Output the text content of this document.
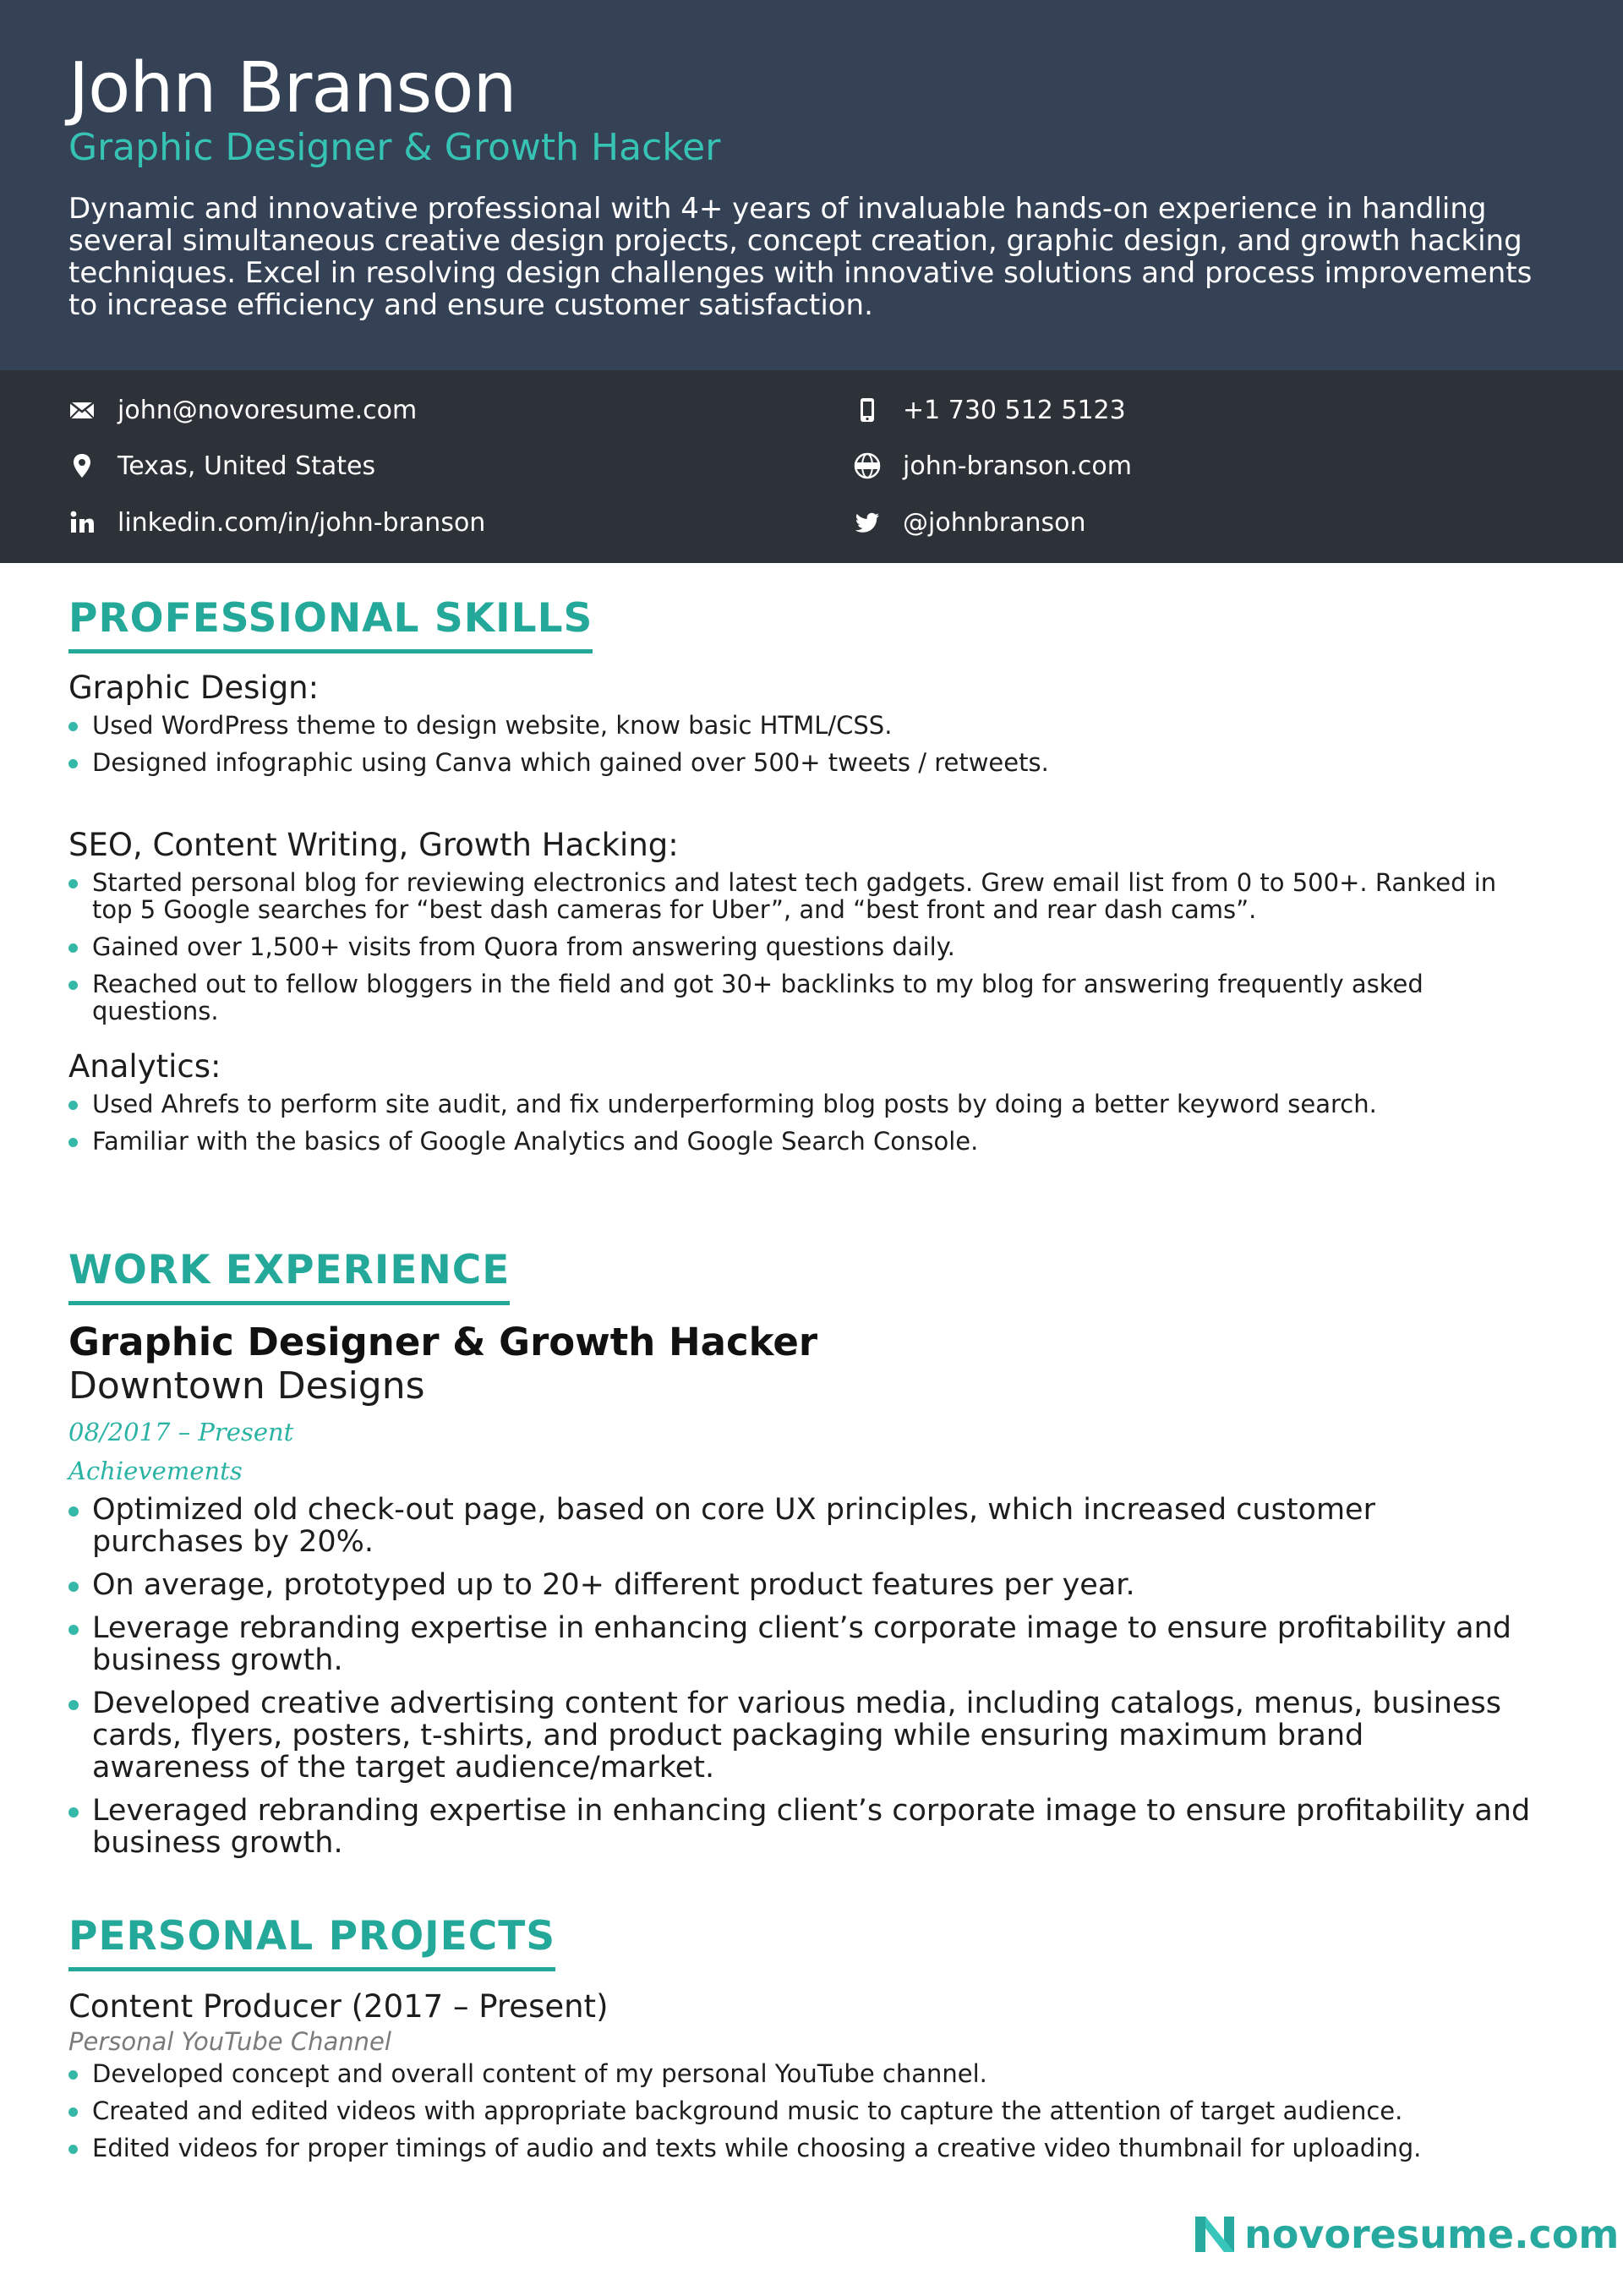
John Branson
Graphic Designer & Growth Hacker
Dynamic and innovative professional with 4+ years of invaluable hands-on experience in handling several simultaneous creative design projects, concept creation, graphic design, and growth hacking techniques. Excel in resolving design challenges with innovative solutions and process improvements to increase efficiency and ensure customer satisfaction.
john@novoresume.com
Texas, United States
linkedin.com/in/john-branson
+1 730 512 5123
john-branson.com
@johnbranson
PROFESSIONAL SKILLS
Graphic Design:
Used WordPress theme to design website, know basic HTML/CSS.
Designed infographic using Canva which gained over 500+ tweets / retweets.
SEO, Content Writing, Growth Hacking:
Started personal blog for reviewing electronics and latest tech gadgets. Grew email list from 0 to 500+. Ranked in top 5 Google searches for “best dash cameras for Uber”, and “best front and rear dash cams”.
Gained over 1,500+ visits from Quora from answering questions daily.
Reached out to fellow bloggers in the field and got 30+ backlinks to my blog for answering frequently asked questions.
Analytics:
Used Ahrefs to perform site audit, and fix underperforming blog posts by doing a better keyword search.
Familiar with the basics of Google Analytics and Google Search Console.
WORK EXPERIENCE
Graphic Designer & Growth Hacker
Downtown Designs
08/2017 – Present
Achievements
Optimized old check-out page, based on core UX principles, which increased customer purchases by 20%.
On average, prototyped up to 20+ different product features per year.
Leverage rebranding expertise in enhancing client’s corporate image to ensure profitability and business growth.
Developed creative advertising content for various media, including catalogs, menus, business cards, flyers, posters, t-shirts, and product packaging while ensuring maximum brand awareness of the target audience/market.
Leveraged rebranding expertise in enhancing client’s corporate image to ensure profitability and business growth.
PERSONAL PROJECTS
Content Producer (2017 – Present)
Personal YouTube Channel
Developed concept and overall content of my personal YouTube channel.
Created and edited videos with appropriate background music to capture the attention of target audience.
Edited videos for proper timings of audio and texts while choosing a creative video thumbnail for uploading.
novoresume.com
